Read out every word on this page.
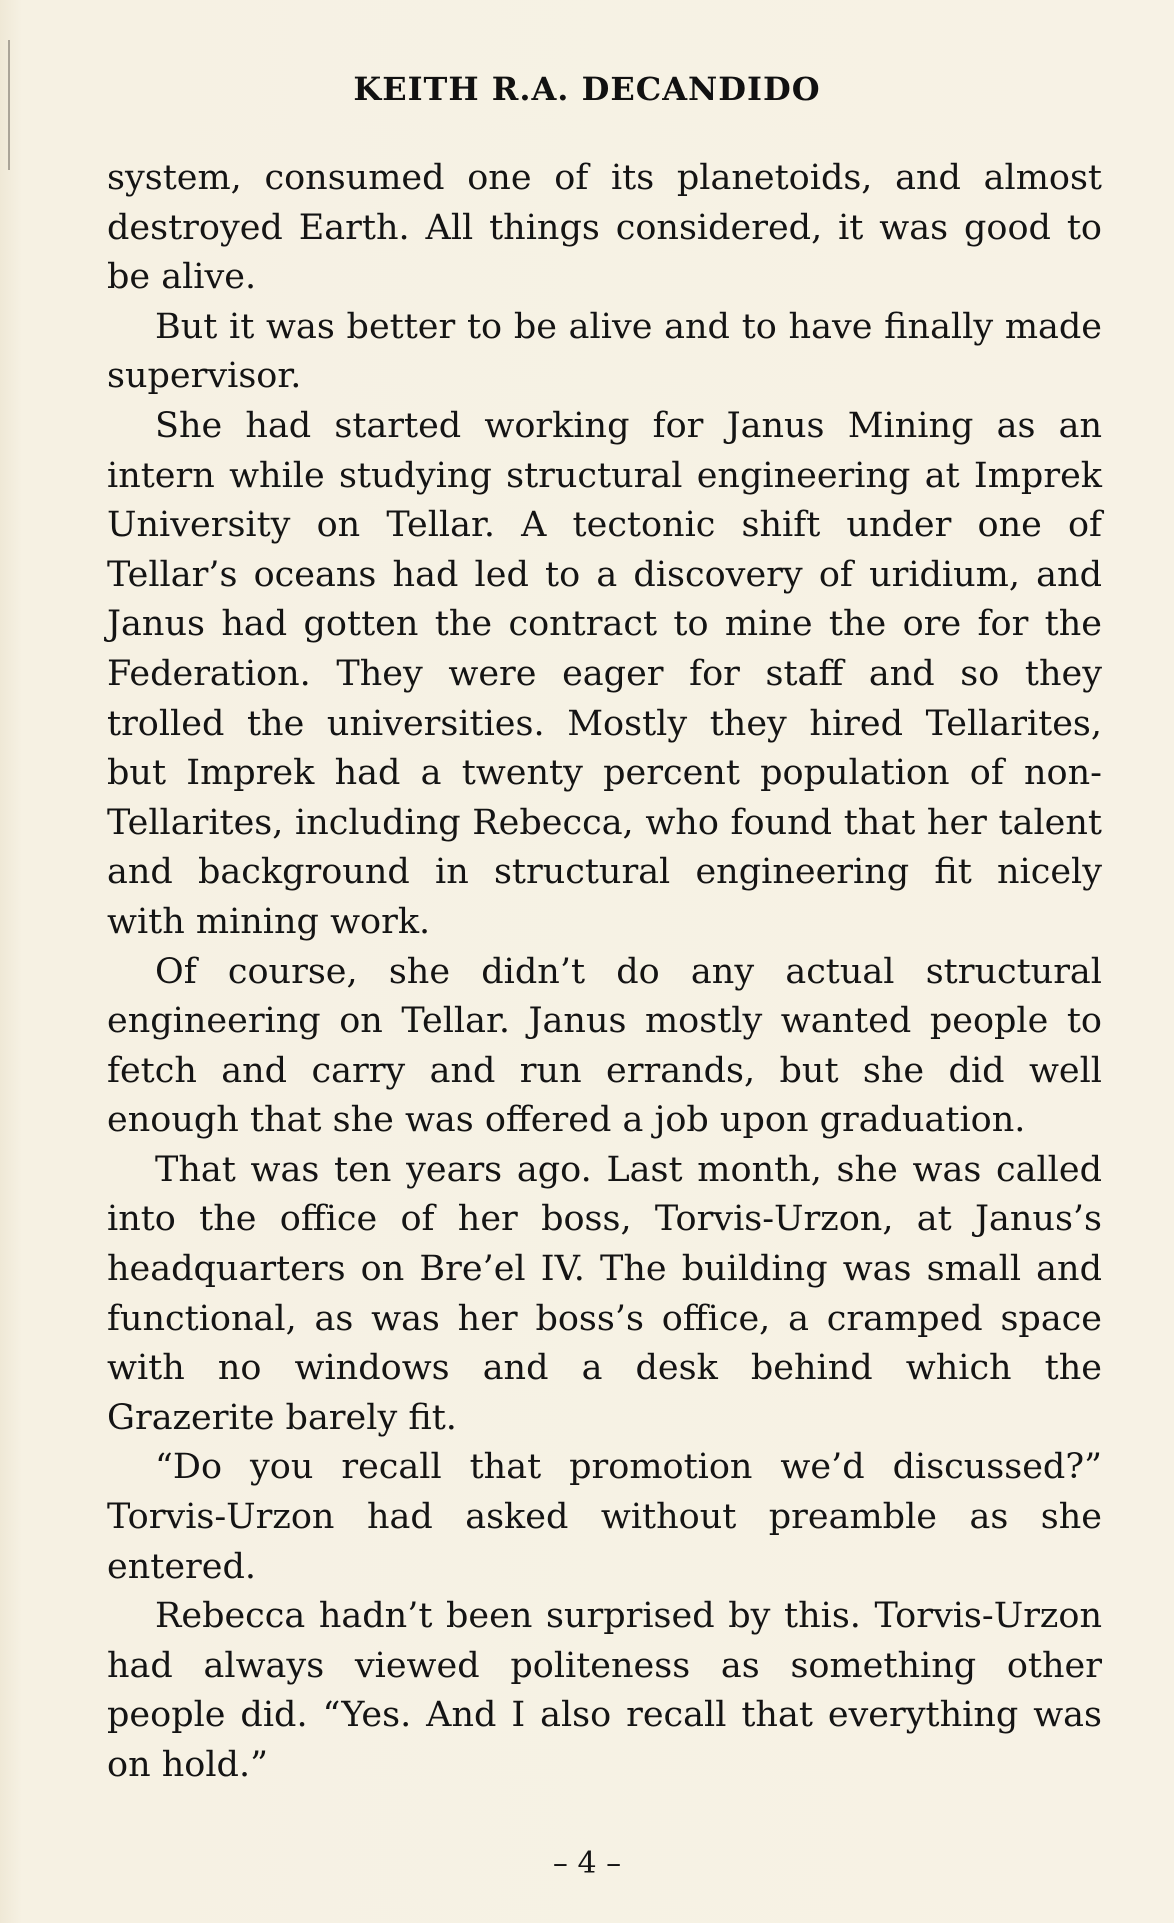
KEITH R.A. DECANDIDO

system, consumed one of its planetoids, and almost destroyed Earth. All things considered, it was good to be alive.

But it was better to be alive and to have finally made supervisor.

She had started working for Janus Mining as an intern while studying structural engineering at Imprek University on Tellar. A tectonic shift under one of Tellar’s oceans had led to a discovery of uridium, and Janus had gotten the contract to mine the ore for the Federation. They were eager for staff and so they trolled the universities. Mostly they hired Tellarites, but Imprek had a twenty percent population of non-Tellarites, including Rebecca, who found that her talent and background in structural engineering fit nicely with mining work.

Of course, she didn’t do any actual structural engineering on Tellar. Janus mostly wanted people to fetch and carry and run errands, but she did well enough that she was offered a job upon graduation.

That was ten years ago. Last month, she was called into the office of her boss, Torvis-Urzon, at Janus’s headquarters on Bre’el IV. The building was small and functional, as was her boss’s office, a cramped space with no windows and a desk behind which the Grazerite barely fit.

“Do you recall that promotion we’d discussed?” Torvis-Urzon had asked without preamble as she entered.

Rebecca hadn’t been surprised by this. Torvis-Urzon had always viewed politeness as something other people did. “Yes. And I also recall that everything was on hold.”

– 4 –
